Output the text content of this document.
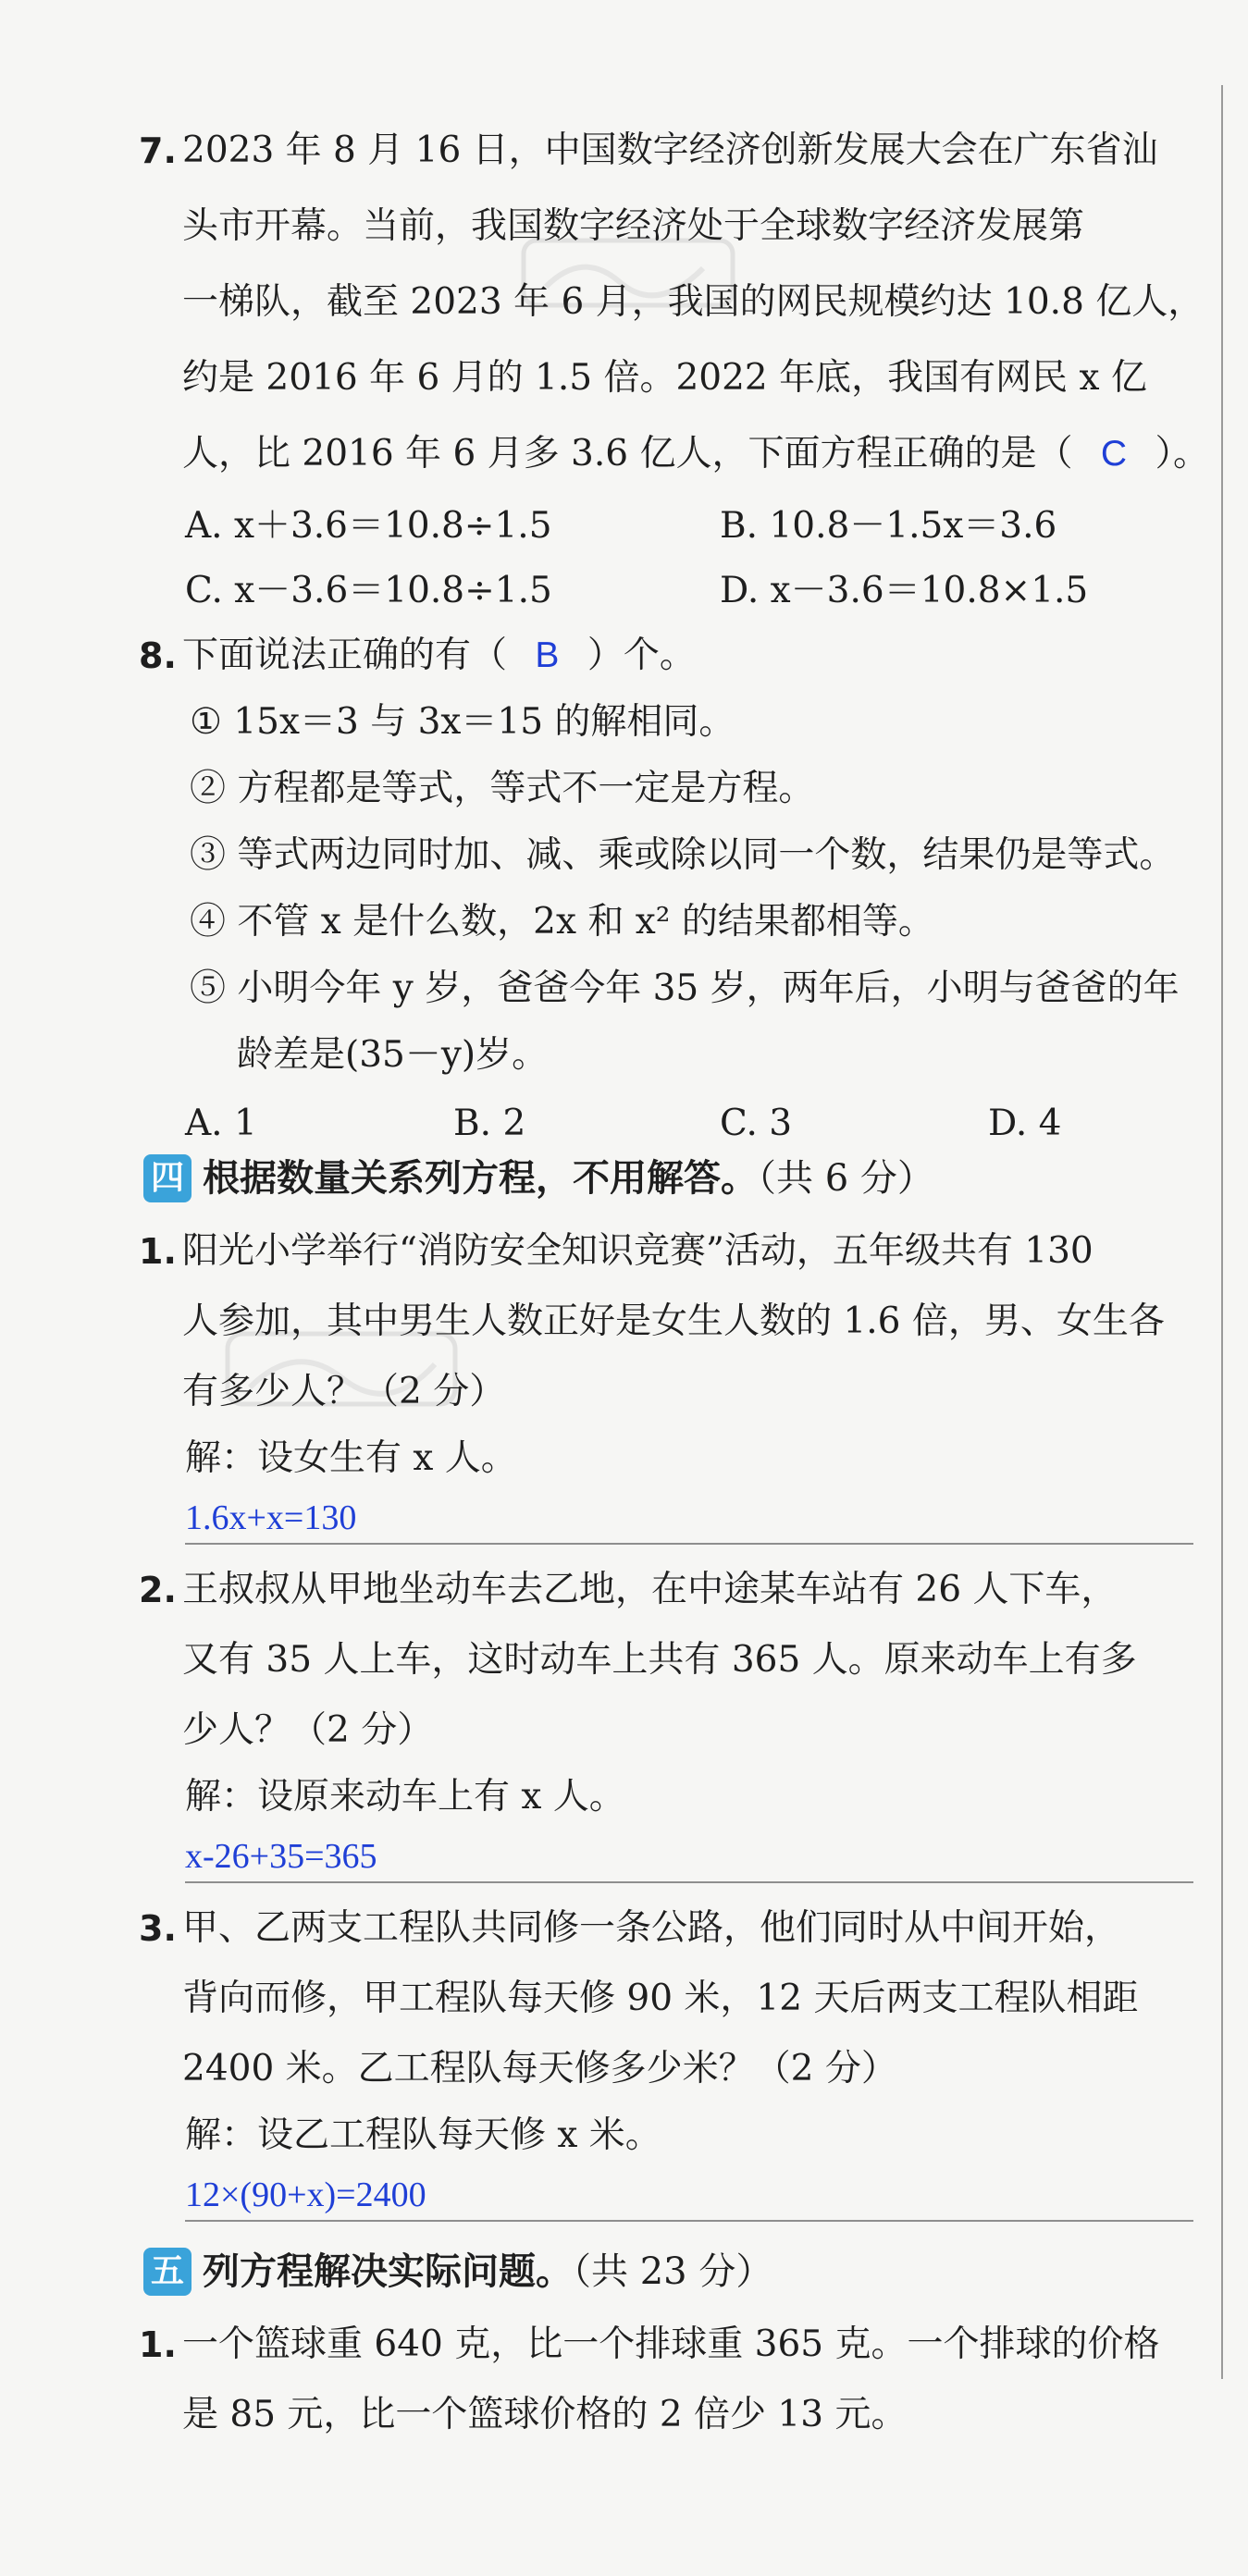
7. 2023 年 8 月 16 日，中国数字经济创新发展大会在广东省汕
头市开幕。当前，我国数字经济处于全球数字经济发展第
一梯队，截至 2023 年 6 月，我国的网民规模约达 10.8 亿人，
约是 2016 年 6 月的 1.5 倍。2022 年底，我国有网民 x 亿
人，比 2016 年 6 月多 3.6 亿人，下面方程正确的是（ C ）。
A. x＋3.6＝10.8÷1.5	B. 10.8－1.5x＝3.6
C. x－3.6＝10.8÷1.5	D. x－3.6＝10.8×1.5
8. 下面说法正确的有（ B ）个。
① 15x＝3 与 3x＝15 的解相同。
② 方程都是等式，等式不一定是方程。
③ 等式两边同时加、减、乘或除以同一个数，结果仍是等式。
④ 不管 x 是什么数，2x 和 x² 的结果都相等。
⑤ 小明今年 y 岁，爸爸今年 35 岁，两年后，小明与爸爸的年
龄差是(35－y)岁。
A. 1	B. 2	C. 3	D. 4
四 根据数量关系列方程，不用解答。（共 6 分）
1. 阳光小学举行“消防安全知识竞赛”活动，五年级共有 130
人参加，其中男生人数正好是女生人数的 1.6 倍，男、女生各
有多少人？（2 分）
解：设女生有 x 人。
1.6x+x=130
2. 王叔叔从甲地坐动车去乙地，在中途某车站有 26 人下车，
又有 35 人上车，这时动车上共有 365 人。原来动车上有多
少人？（2 分）
解：设原来动车上有 x 人。
x-26+35=365
3. 甲、乙两支工程队共同修一条公路，他们同时从中间开始，
背向而修，甲工程队每天修 90 米，12 天后两支工程队相距
2400 米。乙工程队每天修多少米？（2 分）
解：设乙工程队每天修 x 米。
12×(90+x)=2400
五 列方程解决实际问题。（共 23 分）
1. 一个篮球重 640 克，比一个排球重 365 克。一个排球的价格
是 85 元，比一个篮球价格的 2 倍少 13 元。
